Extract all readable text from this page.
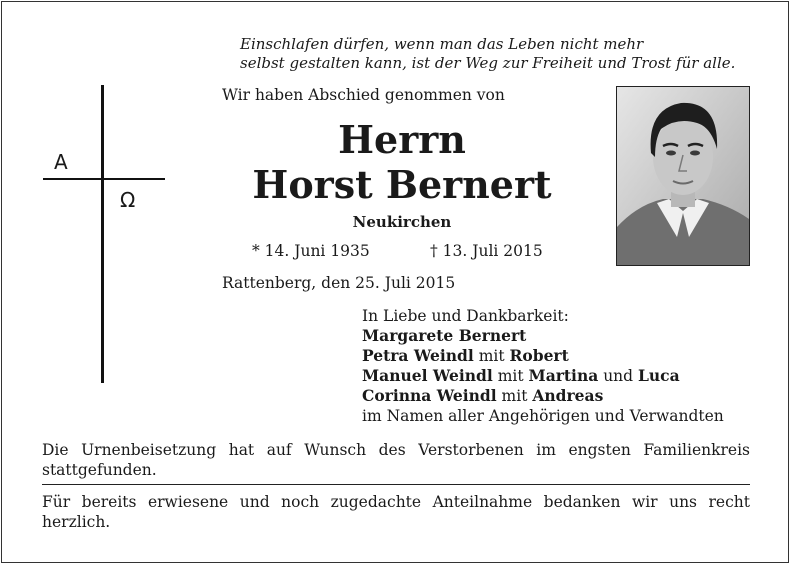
Einschlafen dürfen, wenn man das Leben nicht mehr
selbst gestalten kann, ist der Weg zur Freiheit und Trost für alle.
Wir haben Abschied genommen von
A
Ω
Herrn
Horst Bernert
Neukirchen
* 14. Juni 1935	† 13. Juli 2015
Rattenberg, den 25. Juli 2015
In Liebe und Dankbarkeit:
Margarete Bernert
Petra Weindl mit Robert
Manuel Weindl mit Martina und Luca
Corinna Weindl mit Andreas
im Namen aller Angehörigen und Verwandten
Die Urnenbeisetzung hat auf Wunsch des Verstorbenen im engsten Familienkreis stattgefunden.
Für bereits erwiesene und noch zugedachte Anteilnahme bedanken wir uns recht herzlich.
